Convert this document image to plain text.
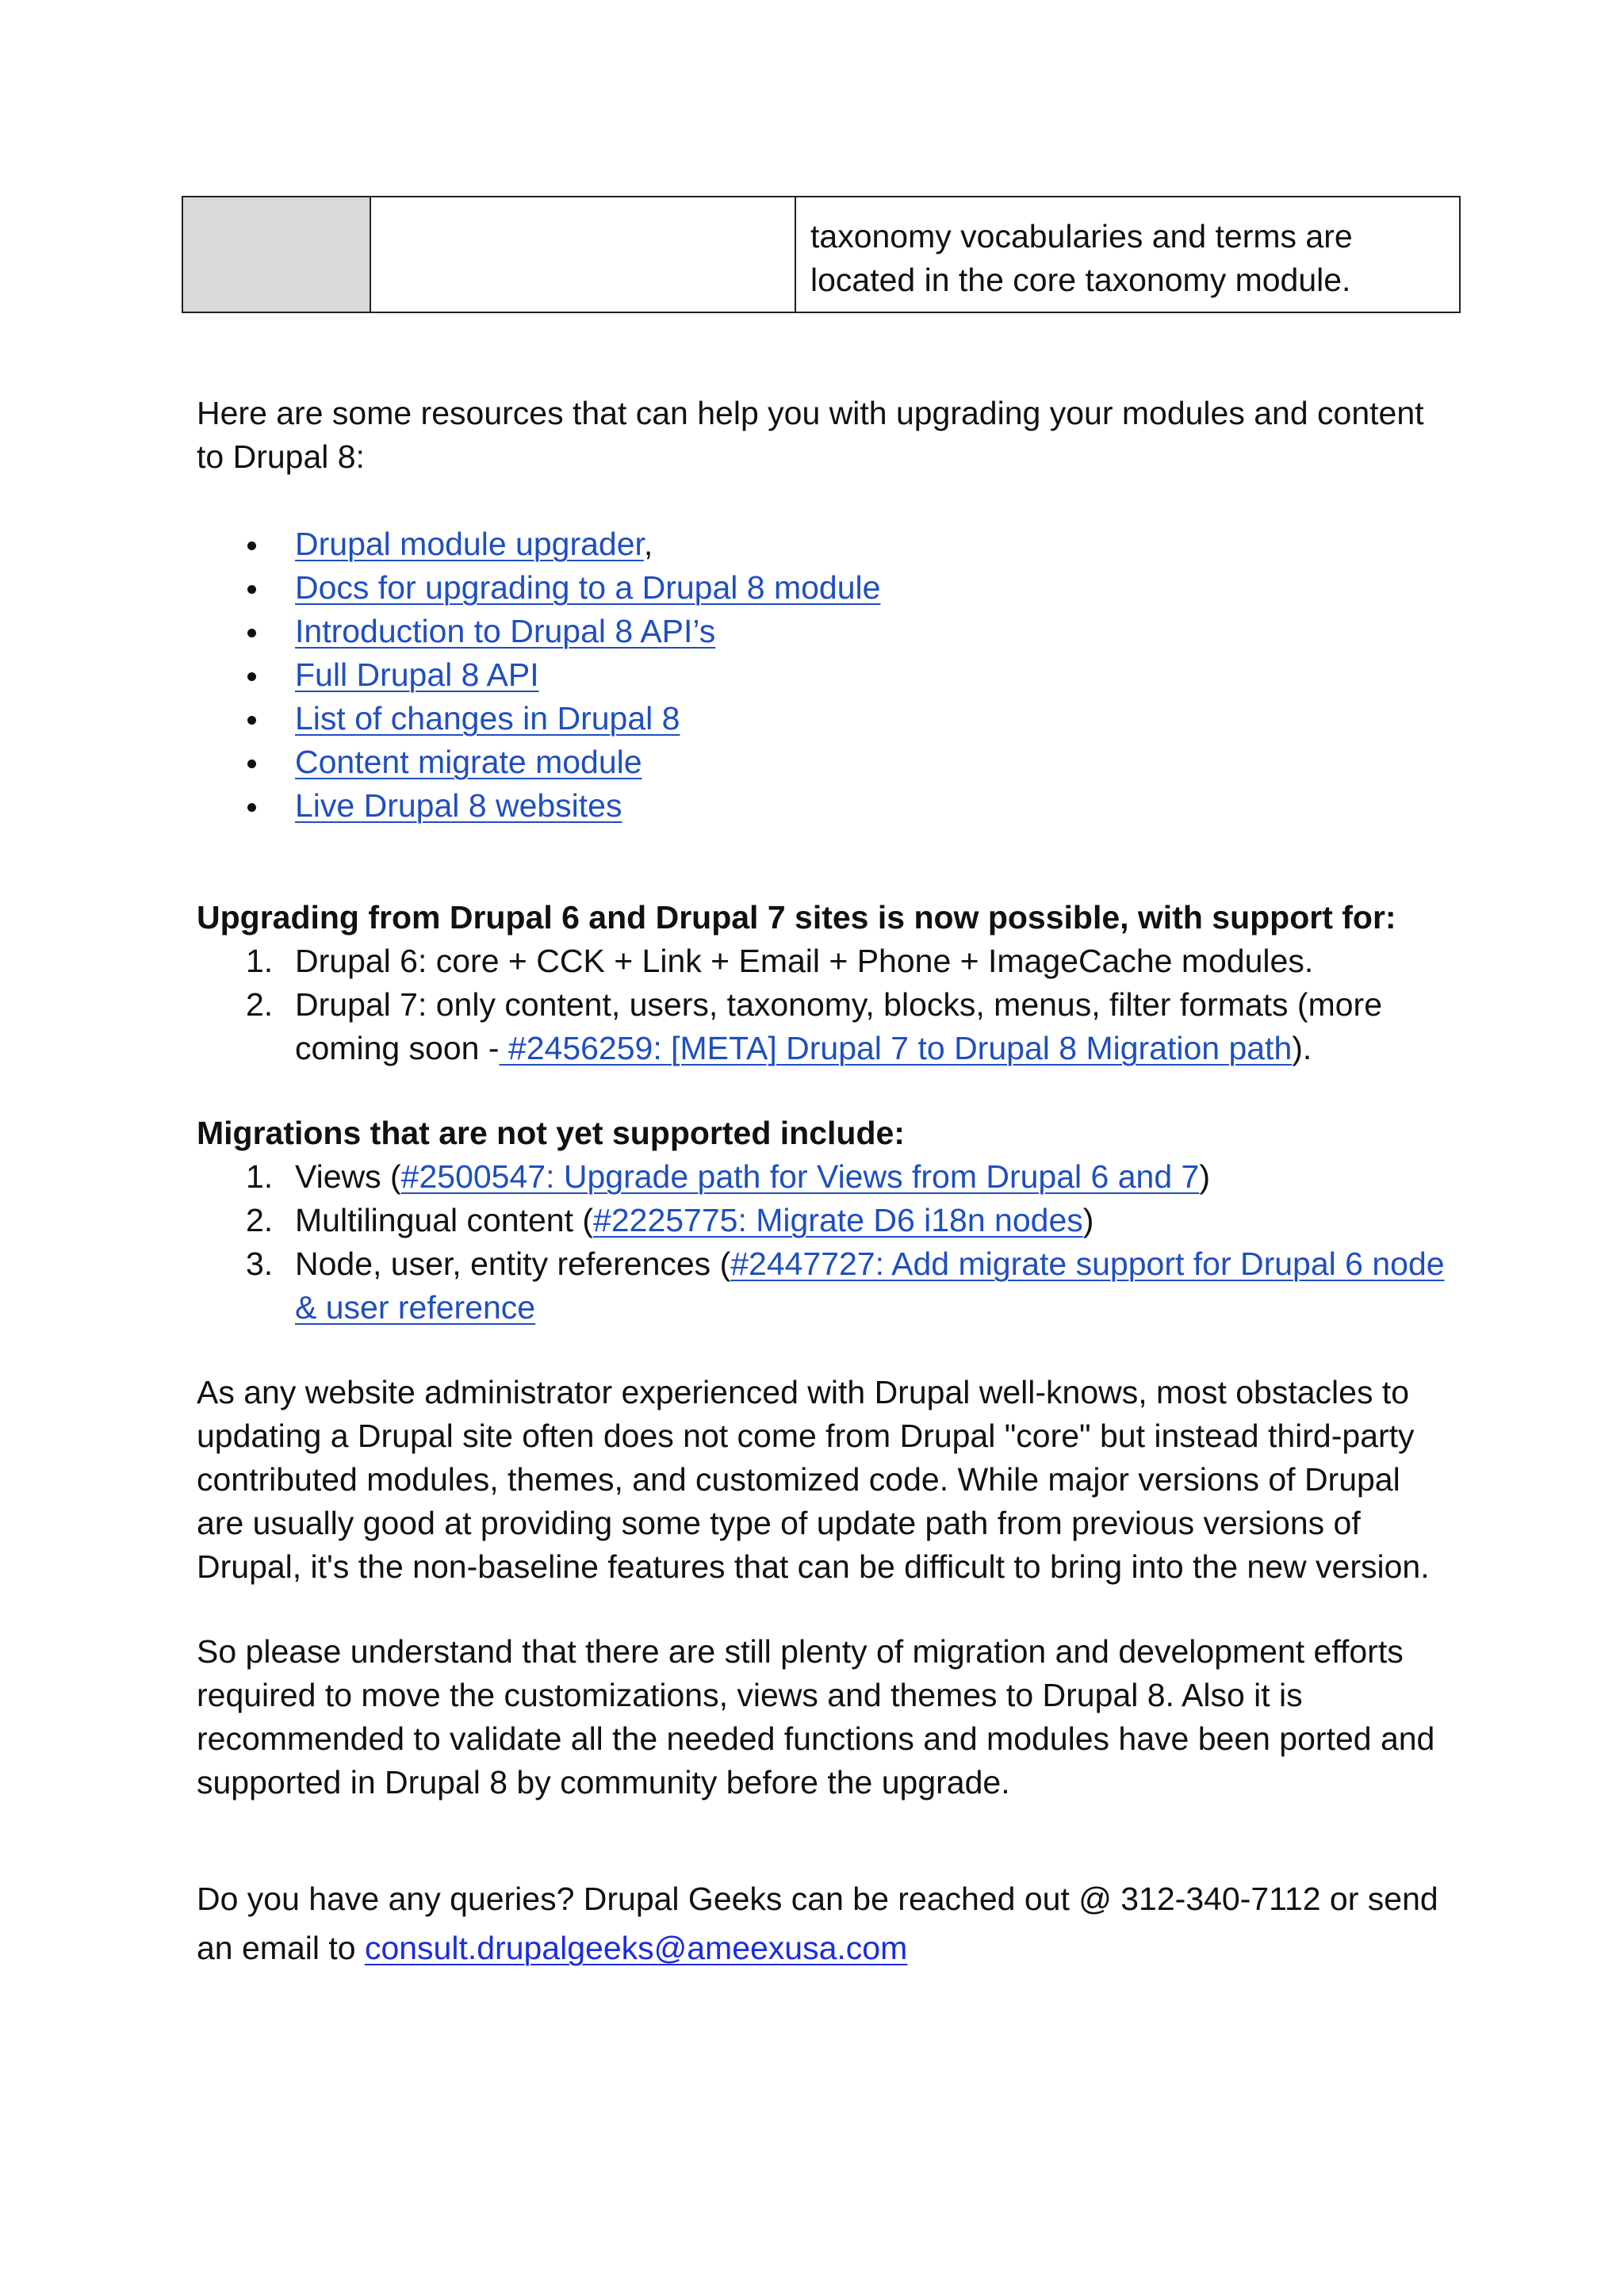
taxonomy vocabularies and terms are located in the core taxonomy module.
Here are some resources that can help you with upgrading your modules and content to Drupal 8:
Drupal module upgrader,
Docs for upgrading to a Drupal 8 module
Introduction to Drupal 8 API’s
Full Drupal 8 API
List of changes in Drupal 8
Content migrate module
Live Drupal 8 websites
Upgrading from Drupal 6 and Drupal 7 sites is now possible, with support for:
1. Drupal 6: core + CCK + Link + Email + Phone + ImageCache modules.
2. Drupal 7: only content, users, taxonomy, blocks, menus, filter formats (more coming soon - #2456259: [META] Drupal 7 to Drupal 8 Migration path).
Migrations that are not yet supported include:
1. Views (#2500547: Upgrade path for Views from Drupal 6 and 7)
2. Multilingual content (#2225775: Migrate D6 i18n nodes)
3. Node, user, entity references (#2447727: Add migrate support for Drupal 6 node & user reference
As any website administrator experienced with Drupal well-knows, most obstacles to updating a Drupal site often does not come from Drupal "core" but instead third-party contributed modules, themes, and customized code. While major versions of Drupal are usually good at providing some type of update path from previous versions of Drupal, it's the non-baseline features that can be difficult to bring into the new version.
So please understand that there are still plenty of migration and development efforts required to move the customizations, views and themes to Drupal 8. Also it is recommended to validate all the needed functions and modules have been ported and supported in Drupal 8 by community before the upgrade.
Do you have any queries? Drupal Geeks can be reached out @ 312-340-7112 or send an email to consult.drupalgeeks@ameexusa.com
